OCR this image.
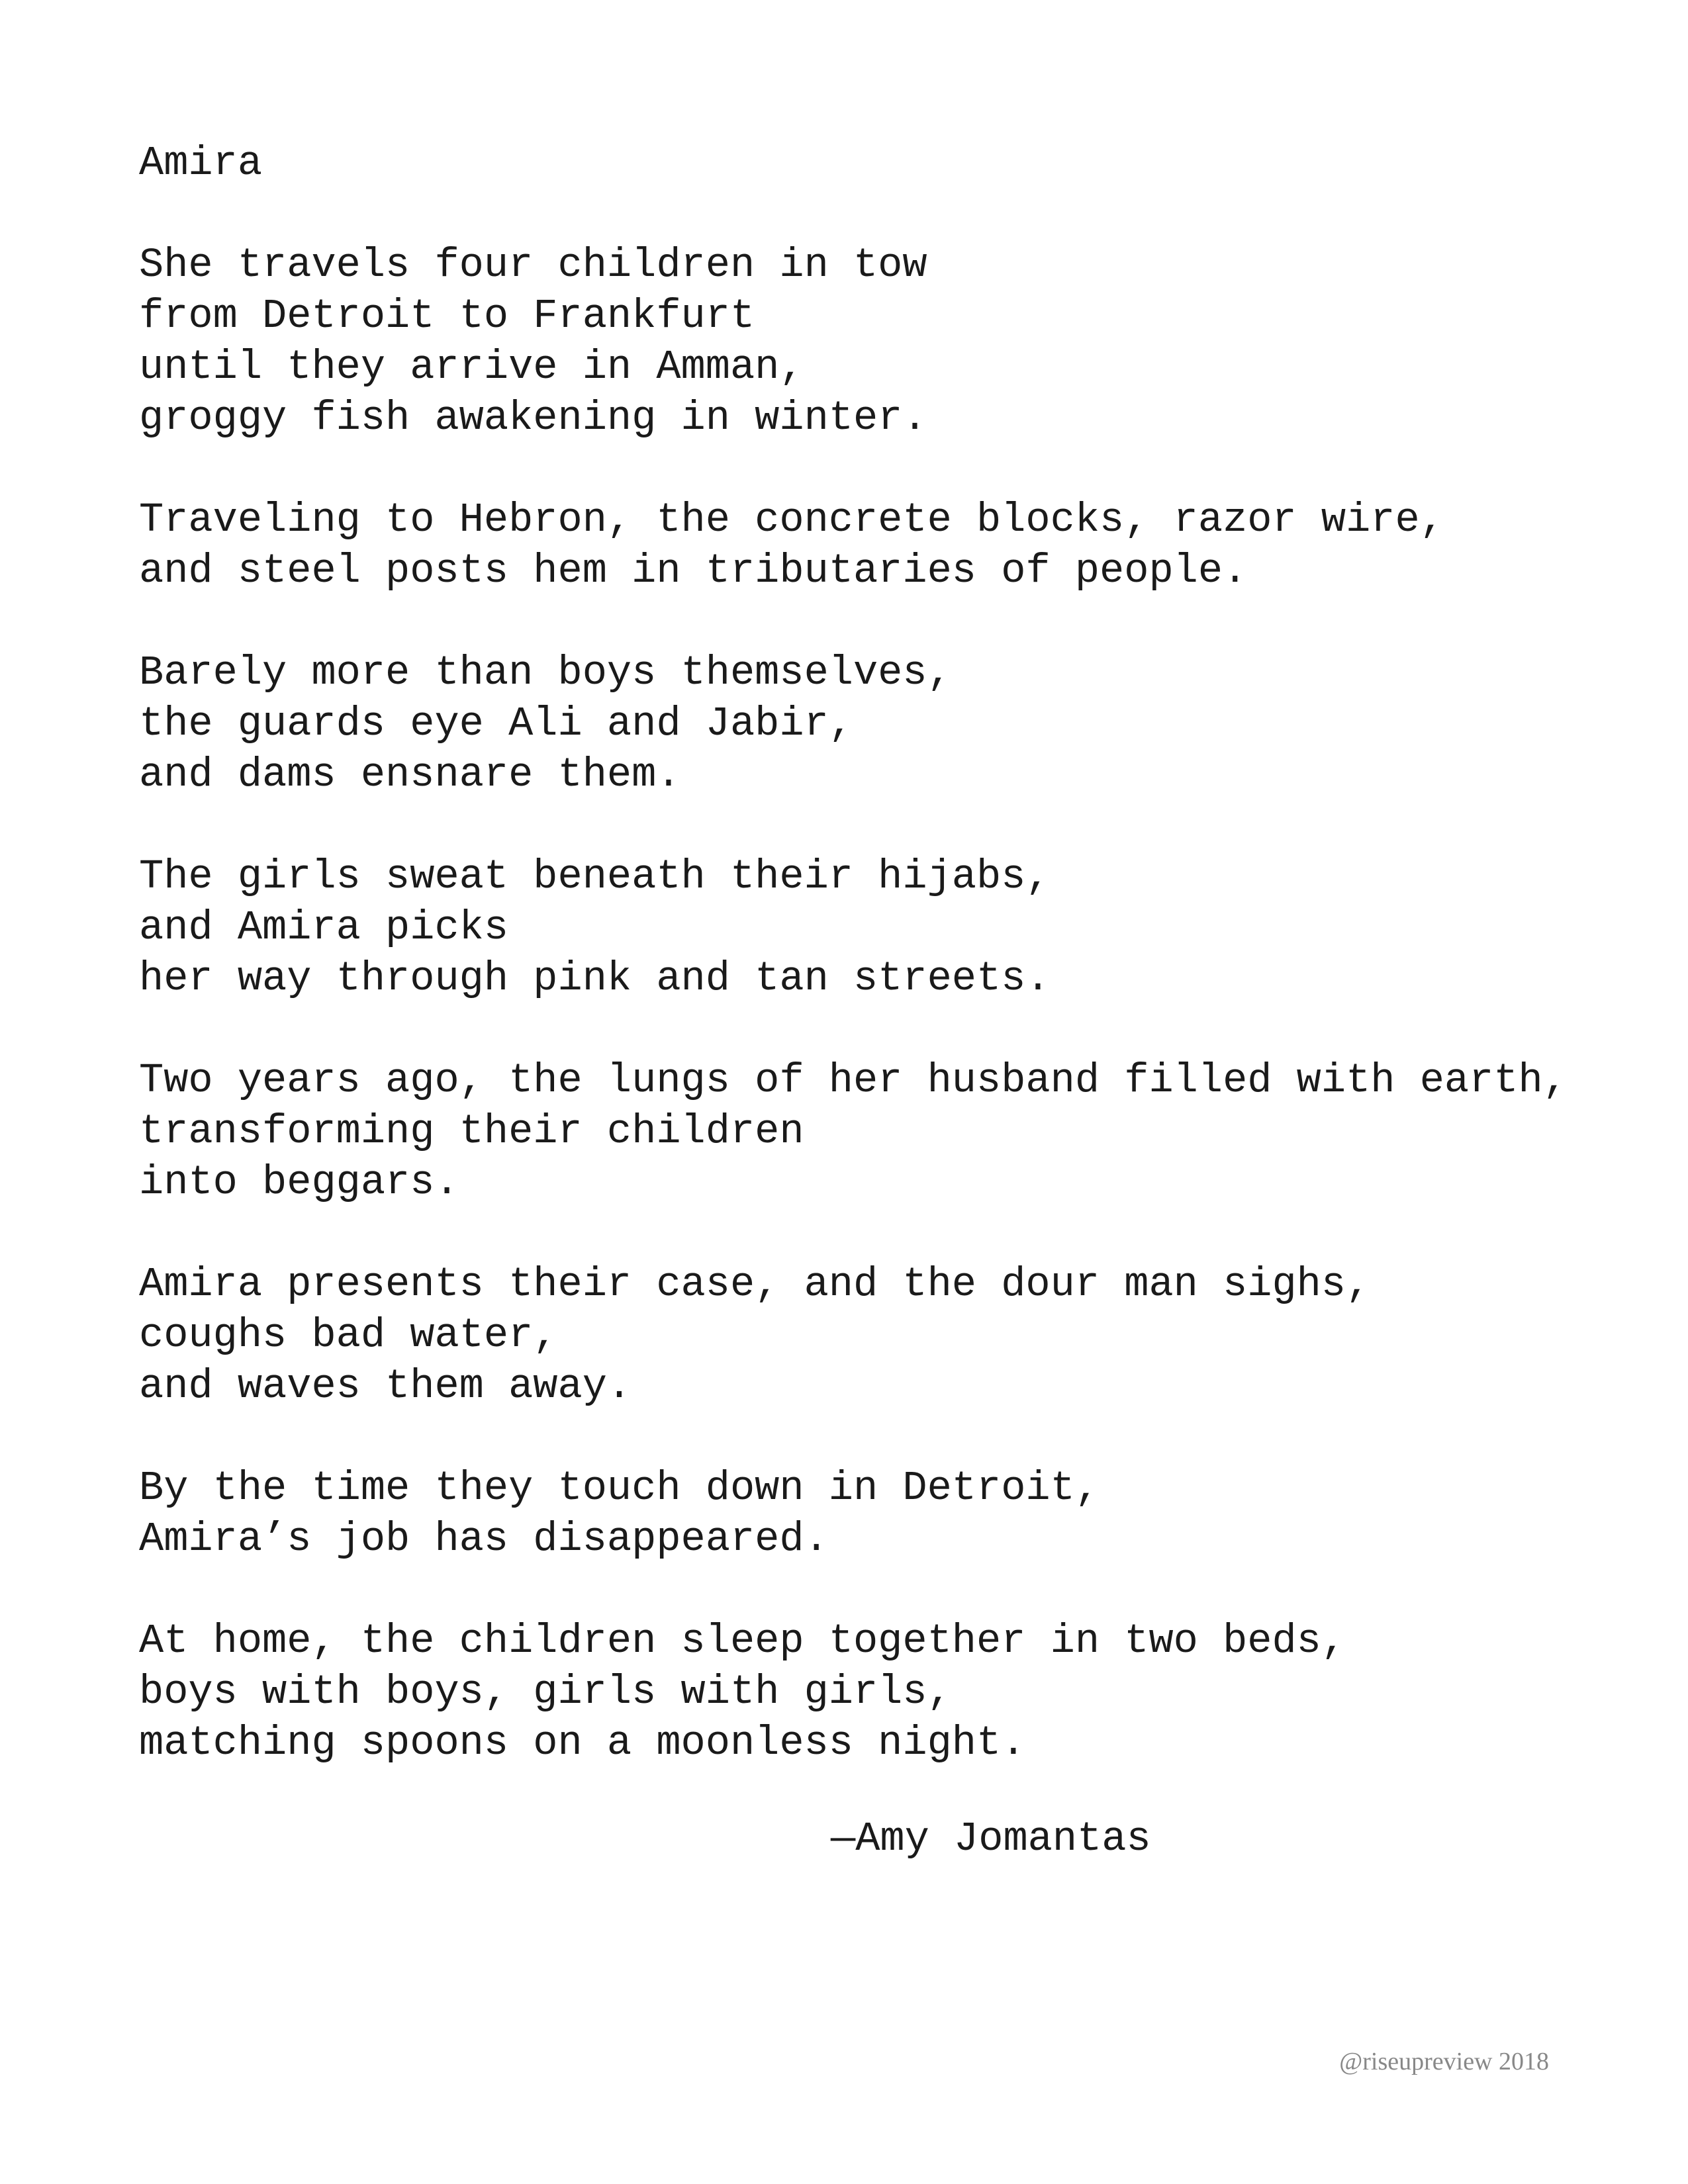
Amira
She travels four children in tow
from Detroit to Frankfurt
until they arrive in Amman,
groggy fish awakening in winter.
Traveling to Hebron, the concrete blocks, razor wire,
and steel posts hem in tributaries of people.
Barely more than boys themselves,
the guards eye Ali and Jabir,
and dams ensnare them.
The girls sweat beneath their hijabs,
and Amira picks
her way through pink and tan streets.
Two years ago, the lungs of her husband filled with earth,
transforming their children
into beggars.
Amira presents their case, and the dour man sighs,
coughs bad water,
and waves them away.
By the time they touch down in Detroit,
Amira’s job has disappeared.
At home, the children sleep together in two beds,
boys with boys, girls with girls,
matching spoons on a moonless night.

—Amy Jomantas

@riseupreview 2018
